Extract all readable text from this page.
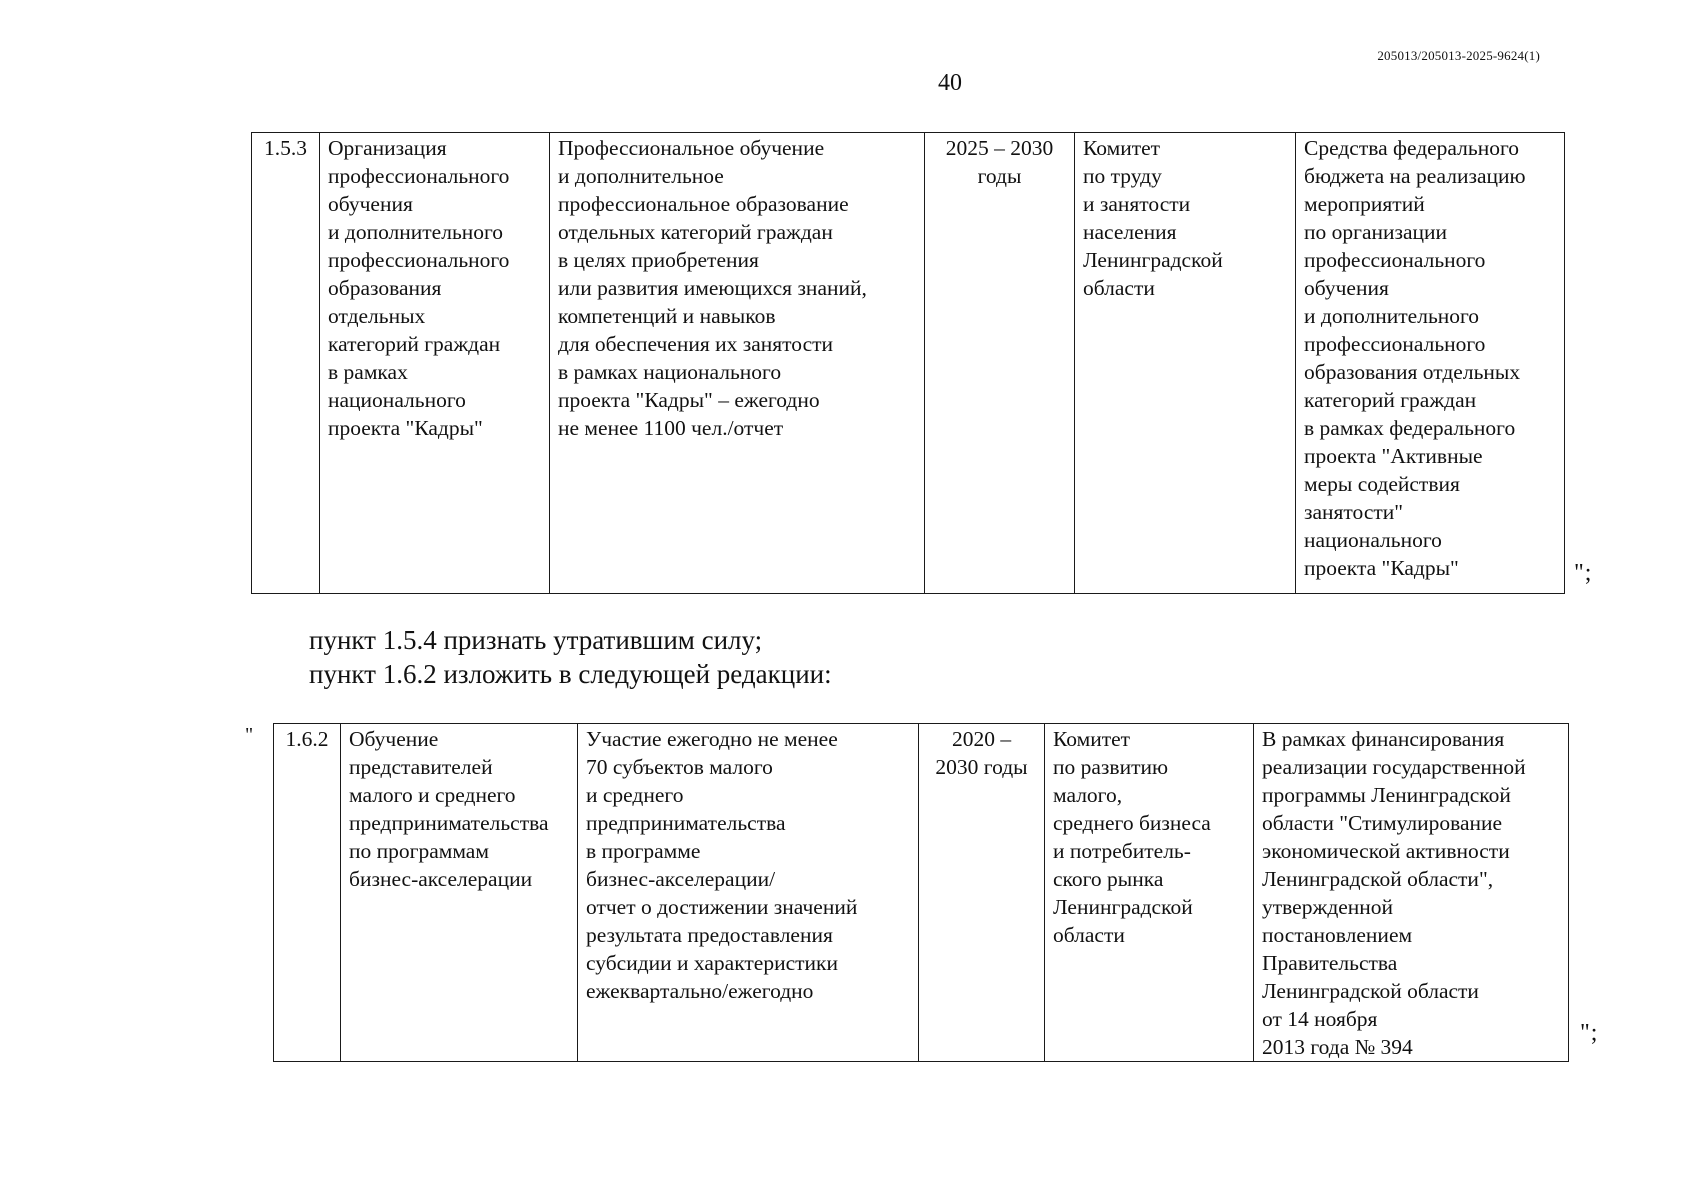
205013/205013-2025-9624(1)
40
1.5.3	Организация
профессионального
обучения
и дополнительного
профессионального
образования
отдельных
категорий граждан
в рамках
национального
проекта "Кадры"	Профессиональное обучение
и дополнительное
профессиональное образование
отдельных категорий граждан
в целях приобретения
или развития имеющихся знаний,
компетенций и навыков
для обеспечения их занятости
в рамках национального
проекта "Кадры" – ежегодно
не менее 1100 чел./отчет	2025 – 2030
годы	Комитет
по труду
и занятости
населения
Ленинградской
области	Средства федерального
бюджета на реализацию
мероприятий
по организации
профессионального
обучения
и дополнительного
профессионального
образования отдельных
категорий граждан
в рамках федерального
проекта "Активные
меры содействия
занятости"
национального
проекта "Кадры"	";
пункт 1.5.4 признать утратившим силу;
пункт 1.6.2 изложить в следующей редакции:
" 1.6.2	Обучение
представителей
малого и среднего
предпринимательства
по программам
бизнес-акселерации	Участие ежегодно не менее
70 субъектов малого
и среднего
предпринимательства
в программе
бизнес-акселерации/
отчет о достижении значений
результата предоставления
субсидии и характеристики
ежеквартально/ежегодно	2020 –
2030 годы	Комитет
по развитию
малого,
среднего бизнеса
и потребитель-
ского рынка
Ленинградской
области	В рамках финансирования
реализации государственной
программы Ленинградской
области "Стимулирование
экономической активности
Ленинградской области",
утвержденной
постановлением
Правительства
Ленинградской области
от 14 ноября
2013 года № 394
";
